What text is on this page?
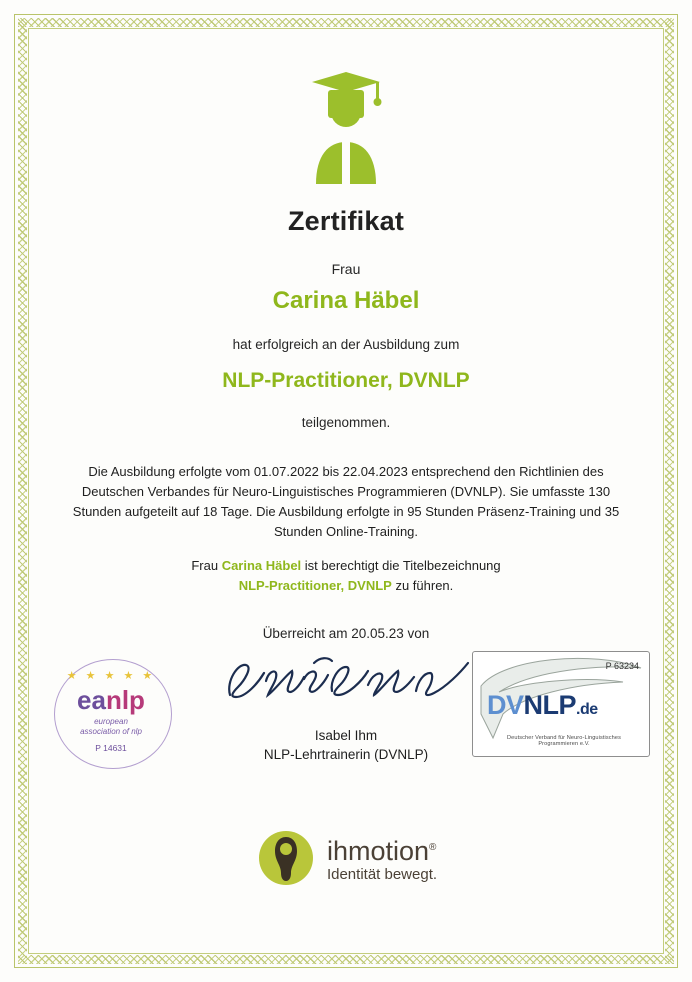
Zertifikat
Frau
Carina Häbel
hat erfolgreich an der Ausbildung zum
NLP-Practitioner, DVNLP
teilgenommen.
Die Ausbildung erfolgte vom 01.07.2022 bis 22.04.2023 entsprechend den Richtlinien des Deutschen Verbandes für Neuro-Linguistisches Programmieren (DVNLP). Sie umfasste 130 Stunden aufgeteilt auf 18 Tage. Die Ausbildung erfolgte in 95 Stunden Präsenz-Training und 35 Stunden Online-Training.
Frau Carina Häbel ist berechtigt die Titelbezeichnung
NLP-Practitioner, DVNLP zu führen.
Überreicht am 20.05.23 von
★ ★ ★ ★ ★
eanlp
european
association of nlp
P 14631
Isabel Ihm
NLP-Lehrtrainerin (DVNLP)
P 63234
DVNLP.de
Deutscher Verband für Neuro-Linguistisches Programmieren e.V.
ihmotion®
Identität bewegt.
